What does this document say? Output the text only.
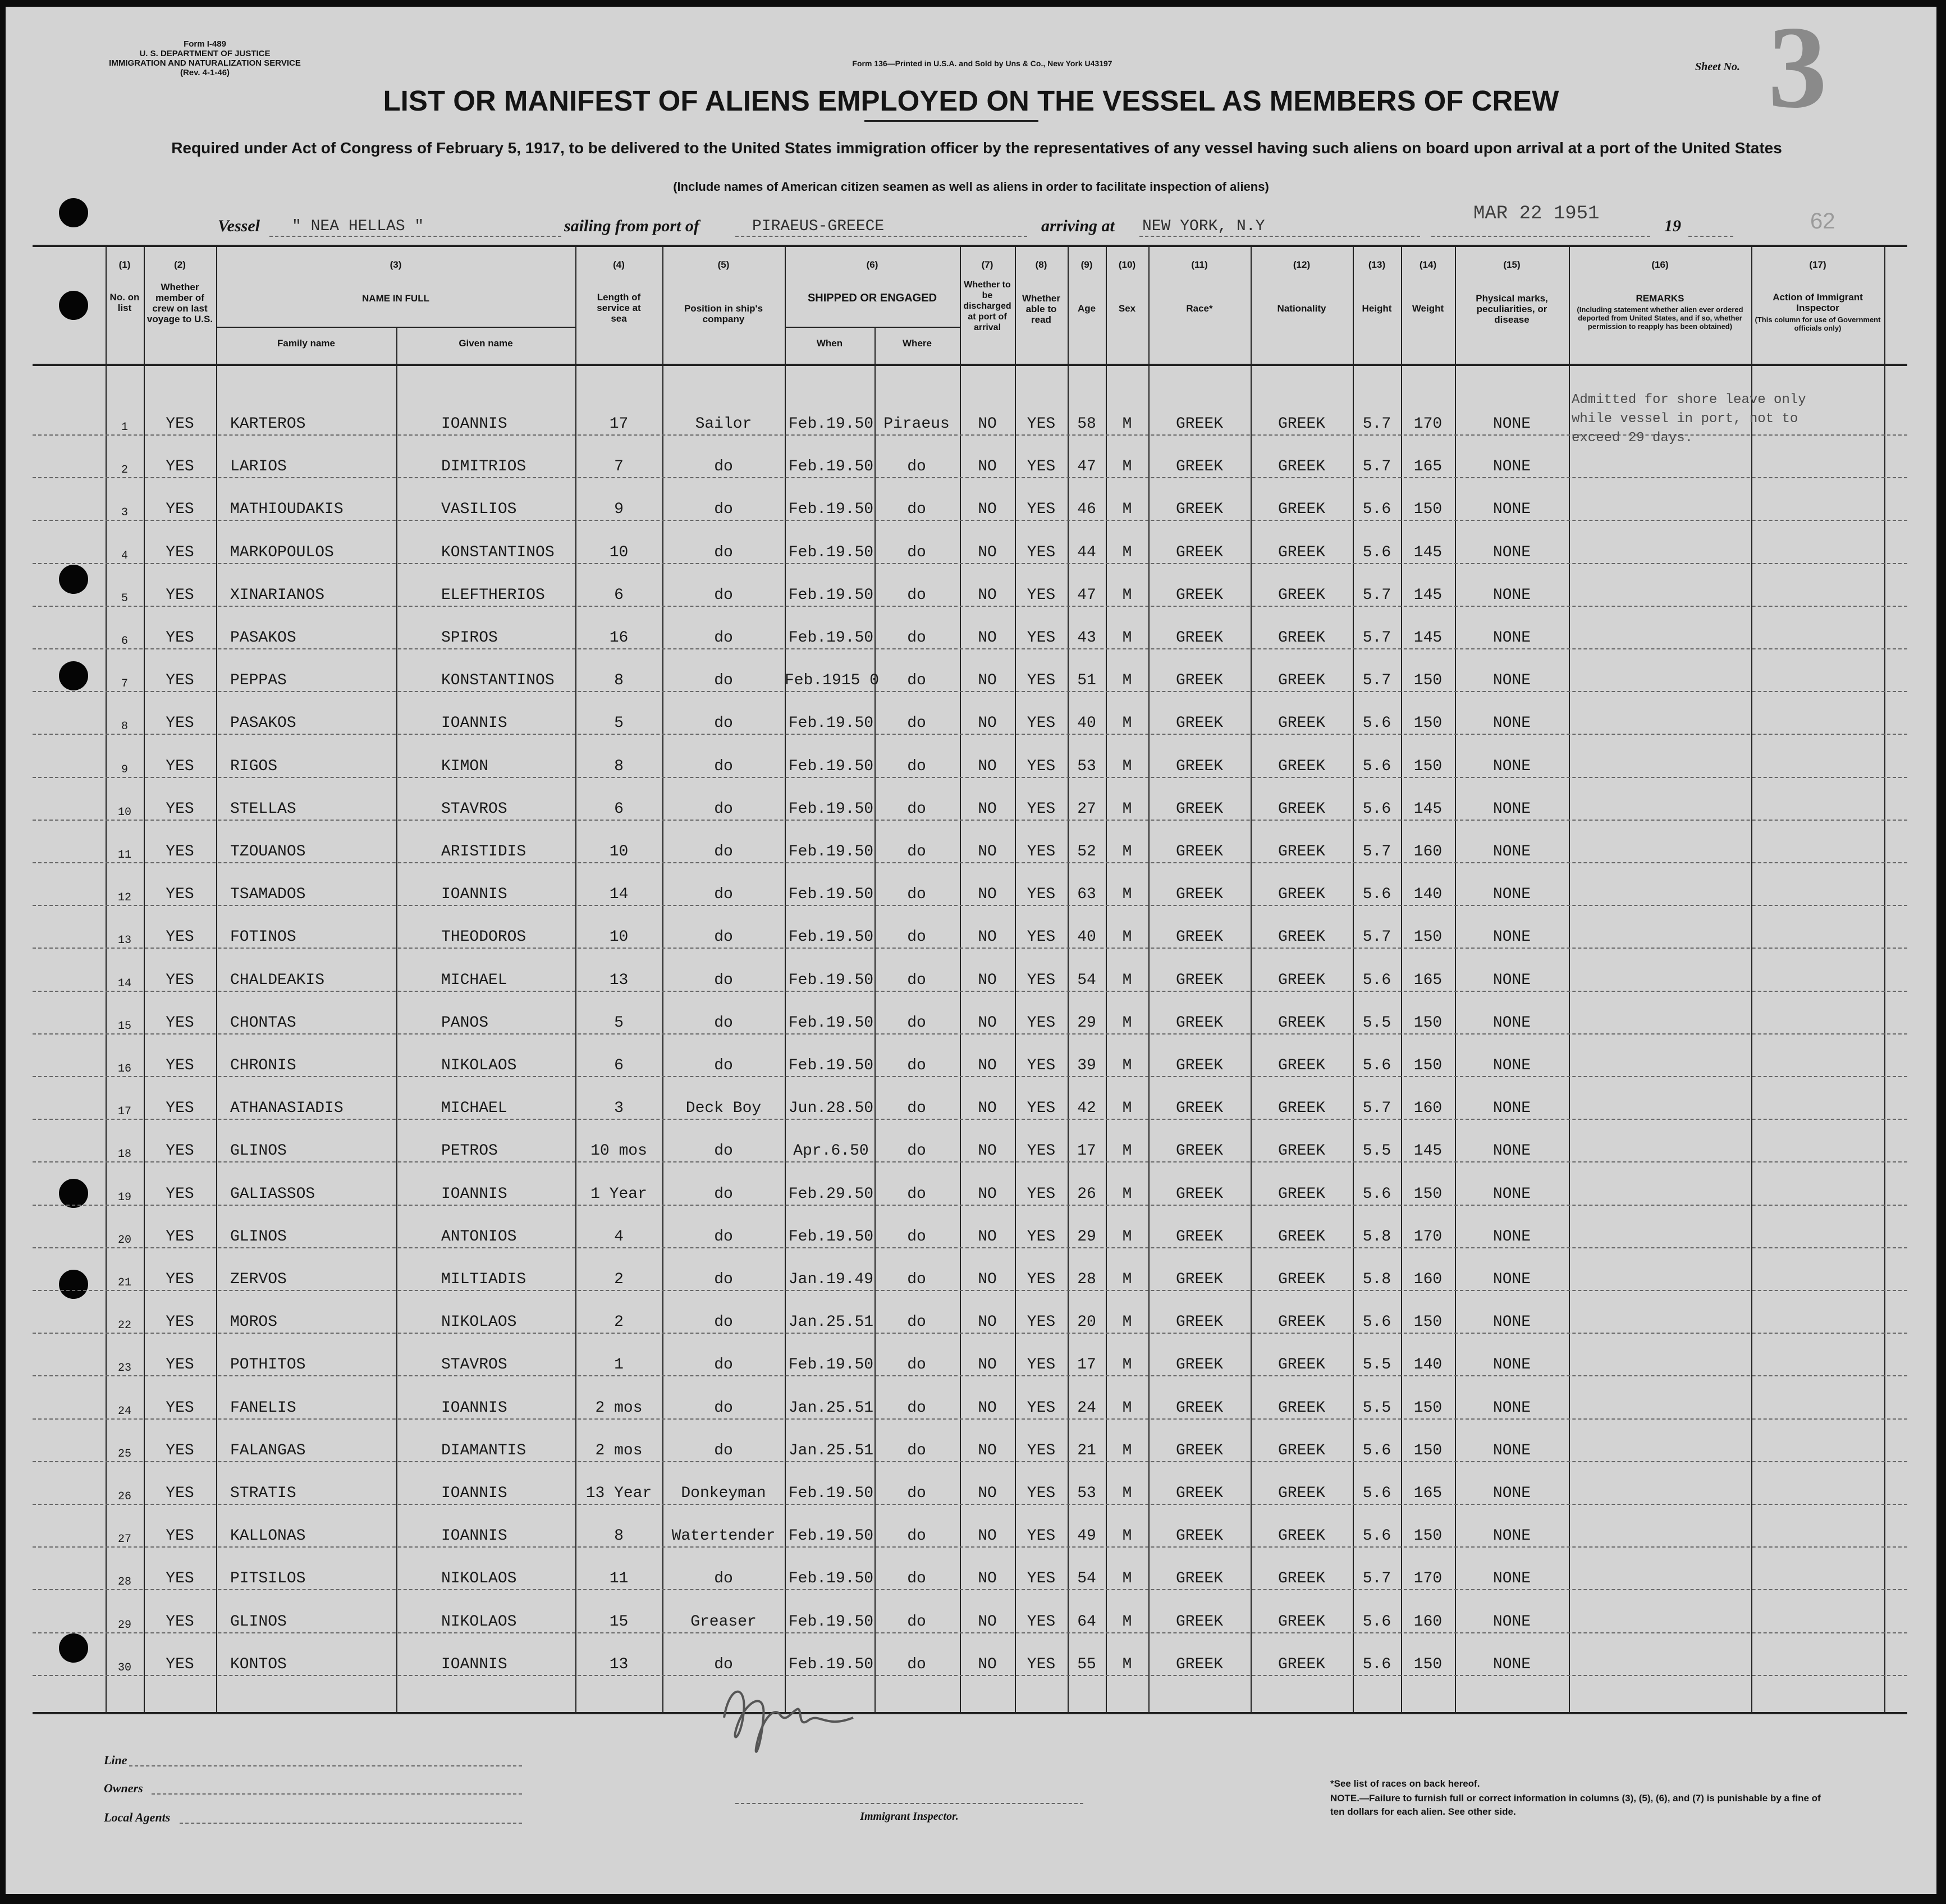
Form I-489
U. S. DEPARTMENT OF JUSTICE
IMMIGRATION AND NATURALIZATION SERVICE
(Rev. 4-1-46)
Form 136—Printed in U.S.A. and Sold by Uns & Co., New York U43197	Sheet No. 3
LIST OR MANIFEST OF ALIENS EMPLOYED ON THE VESSEL AS MEMBERS OF CREW
Required under Act of Congress of February 5, 1917, to be delivered to the United States immigration officer by the representatives of any vessel having such aliens on board upon arrival at a port of the United States
(Include names of American citizen seamen as well as aliens in order to facilitate inspection of aliens)
Vessel " NEA HELLAS "	sailing from port of	PIRAEUS-GREECE	arriving at NEW YORK, N.Y
MAR 22 1951
19	62
(1)
No. on list
(2)
Whether member of crew on last voyage to U.S.
(3)
NAME IN FULL
Family name	Given name
(4)
Length of service at sea
(5)
Position in ship's company
(6)
SHIPPED OR ENGAGED
When	Where
(7)
Whether to be discharged at port of arrival
(8)
Whether able to read
(9)
Age
(10)
Sex
(11)
Race*
(12)
Nationality
(13)
Height
(14)
Weight
(15)
Physical marks, peculiarities, or disease
(16)
REMARKS
(Including statement whether alien ever ordered deported from United States, and if so, whether permission to reapply has been obtained)
(17)
Action of Immigrant Inspector
(This column for use of Government officials only)
1	YES	KARTEROS	IOANNIS	17	Sailor	Feb.19.50 Piraeus	NO	YES	58	M	GREEK	GREEK	5.7	170	NONE
2	YES	LARIOS	DIMITRIOS	7	do	Feb.19.50	do	NO	YES	47	M	GREEK	GREEK	5.7	165	NONE
3	YES	MATHIOUDAKIS	VASILIOS	9	do	Feb.19.50	do	NO	YES	46	M	GREEK	GREEK	5.6	150	NONE
4	YES	MARKOPOULOS	KONSTANTINOS	10	do	Feb.19.50	do	NO	YES	44	M	GREEK	GREEK	5.6	145	NONE
5	YES	XINARIANOS	ELEFTHERIOS	6	do	Feb.19.50	do	NO	YES	47	M	GREEK	GREEK	5.7	145	NONE
6	YES	PASAKOS	SPIROS	16	do	Feb.19.50	do	NO	YES	43	M	GREEK	GREEK	5.7	145	NONE
7	YES	PEPPAS	KONSTANTINOS	8	do	Feb.1915 0	do	NO	YES	51	M	GREEK	GREEK	5.7	150	NONE
8	YES	PASAKOS	IOANNIS	5	do	Feb.19.50	do	NO	YES	40	M	GREEK	GREEK	5.6	150	NONE
9	YES	RIGOS	KIMON	8	do	Feb.19.50	do	NO	YES	53	M	GREEK	GREEK	5.6	150	NONE
10	YES	STELLAS	STAVROS	6	do	Feb.19.50	do	NO	YES	27	M	GREEK	GREEK	5.6	145	NONE
11	YES	TZOUANOS	ARISTIDIS	10	do	Feb.19.50	do	NO	YES	52	M	GREEK	GREEK	5.7	160	NONE
12	YES	TSAMADOS	IOANNIS	14	do	Feb.19.50	do	NO	YES	63	M	GREEK	GREEK	5.6	140	NONE
13	YES	FOTINOS	THEODOROS	10	do	Feb.19.50	do	NO	YES	40	M	GREEK	GREEK	5.7	150	NONE
14	YES	CHALDEAKIS	MICHAEL	13	do	Feb.19.50	do	NO	YES	54	M	GREEK	GREEK	5.6	165	NONE
15	YES	CHONTAS	PANOS	5	do	Feb.19.50	do	NO	YES	29	M	GREEK	GREEK	5.5	150	NONE
16	YES	CHRONIS	NIKOLAOS	6	do	Feb.19.50	do	NO	YES	39	M	GREEK	GREEK	5.6	150	NONE
17	YES	ATHANASIADIS	MICHAEL	3	Deck Boy	Jun.28.50	do	NO	YES	42	M	GREEK	GREEK	5.7	160	NONE
18	YES	GLINOS	PETROS	10 mos	do	Apr.6.50	do	NO	YES	17	M	GREEK	GREEK	5.5	145	NONE
19	YES	GALIASSOS	IOANNIS	1 Year	do	Feb.29.50	do	NO	YES	26	M	GREEK	GREEK	5.6	150	NONE
20	YES	GLINOS	ANTONIOS	4	do	Feb.19.50	do	NO	YES	29	M	GREEK	GREEK	5.8	170	NONE
21	YES	ZERVOS	MILTIADIS	2	do	Jan.19.49	do	NO	YES	28	M	GREEK	GREEK	5.8	160	NONE
22	YES	MOROS	NIKOLAOS	2	do	Jan.25.51	do	NO	YES	20	M	GREEK	GREEK	5.6	150	NONE
23	YES	POTHITOS	STAVROS	1	do	Feb.19.50	do	NO	YES	17	M	GREEK	GREEK	5.5	140	NONE
24	YES	FANELIS	IOANNIS	2 mos	do	Jan.25.51	do	NO	YES	24	M	GREEK	GREEK	5.5	150	NONE
25	YES	FALANGAS	DIAMANTIS	2 mos	do	Jan.25.51	do	NO	YES	21	M	GREEK	GREEK	5.6	150	NONE
26	YES	STRATIS	IOANNIS	13 Year	Donkeyman	Feb.19.50	do	NO	YES	53	M	GREEK	GREEK	5.6	165	NONE
27	YES	KALLONAS	IOANNIS	8	Watertender Feb.19.50	do	NO	YES	49	M	GREEK	GREEK	5.6	150	NONE
28	YES	PITSILOS	NIKOLAOS	11	do	Feb.19.50	do	NO	YES	54	M	GREEK	GREEK	5.7	170	NONE
29	YES	GLINOS	NIKOLAOS	15	Greaser	Feb.19.50	do	NO	YES	64	M	GREEK	GREEK	5.6	160	NONE
30	YES	KONTOS	IOANNIS	13	do	Feb.19.50	do	NO	YES	55	M	GREEK	GREEK	5.6	150	NONE
Admitted for shore leave only
while vessel in port, not to
exceed 29 days.
Line
Owners
Local Agents	Immigrant Inspector.
*See list of races on back hereof.
NOTE.—Failure to furnish full or correct information in columns (3), (5), (6), and (7) is punishable by a fine of ten dollars for each alien. See other side.
